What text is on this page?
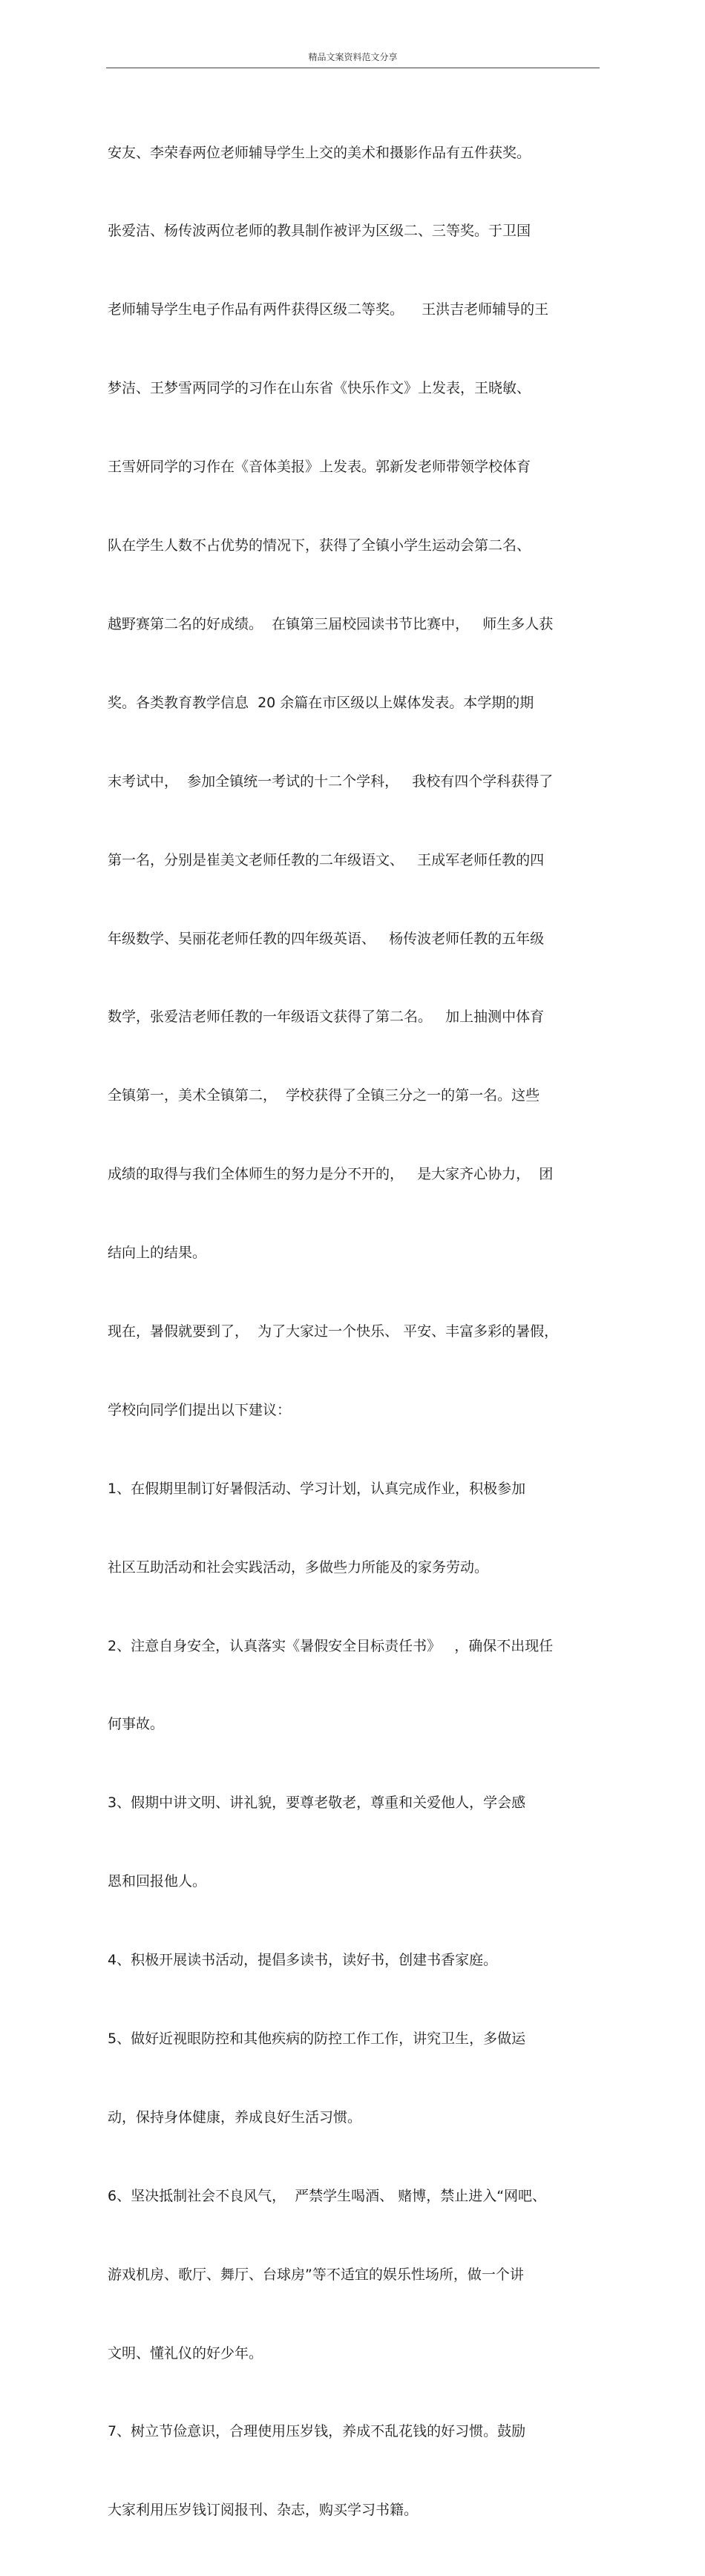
精品文案资料范文分享

安友、李荣春两位老师辅导学生上交的美术和摄影作品有五件获奖。

张爱洁、杨传波两位老师的教具制作被评为区级二、三等奖。于卫国

老师辅导学生电子作品有两件获得区级二等奖。    王洪吉老师辅导的王

梦洁、王梦雪两同学的习作在山东省《快乐作文》上发表，王晓敏、

王雪妍同学的习作在《音体美报》上发表。郭新发老师带领学校体育

队在学生人数不占优势的情况下，获得了全镇小学生运动会第二名、

越野赛第二名的好成绩。  在镇第三届校园读书节比赛中，   师生多人获

奖。各类教育教学信息  20 余篇在市区级以上媒体发表。本学期的期

末考试中，  参加全镇统一考试的十二个学科，   我校有四个学科获得了

第一名，分别是崔美文老师任教的二年级语文、   王成军老师任教的四

年级数学、吴丽花老师任教的四年级英语、   杨传波老师任教的五年级

数学，张爱洁老师任教的一年级语文获得了第二名。   加上抽测中体育

全镇第一，美术全镇第二，  学校获得了全镇三分之一的第一名。这些

成绩的取得与我们全体师生的努力是分不开的，   是大家齐心协力，  团

结向上的结果。

现在，暑假就要到了，  为了大家过一个快乐、 平安、丰富多彩的暑假，

学校向同学们提出以下建议：

1、在假期里制订好暑假活动、学习计划，认真完成作业，积极参加

社区互助活动和社会实践活动，多做些力所能及的家务劳动。

2、注意自身安全，认真落实《暑假安全目标责任书》   ，确保不出现任

何事故。

3、假期中讲文明、讲礼貌，要尊老敬老，尊重和关爱他人，学会感

恩和回报他人。

4、积极开展读书活动，提倡多读书，读好书，创建书香家庭。

5、做好近视眼防控和其他疾病的防控工作工作，讲究卫生，多做运

动，保持身体健康，养成良好生活习惯。

6、坚决抵制社会不良风气，  严禁学生喝酒、 赌博，禁止进入“网吧、

游戏机房、歌厅、舞厅、台球房”等不适宜的娱乐性场所，做一个讲

文明、懂礼仪的好少年。

7、树立节俭意识，合理使用压岁钱，养成不乱花钱的好习惯。鼓励

大家利用压岁钱订阅报刊、杂志，购买学习书籍。
